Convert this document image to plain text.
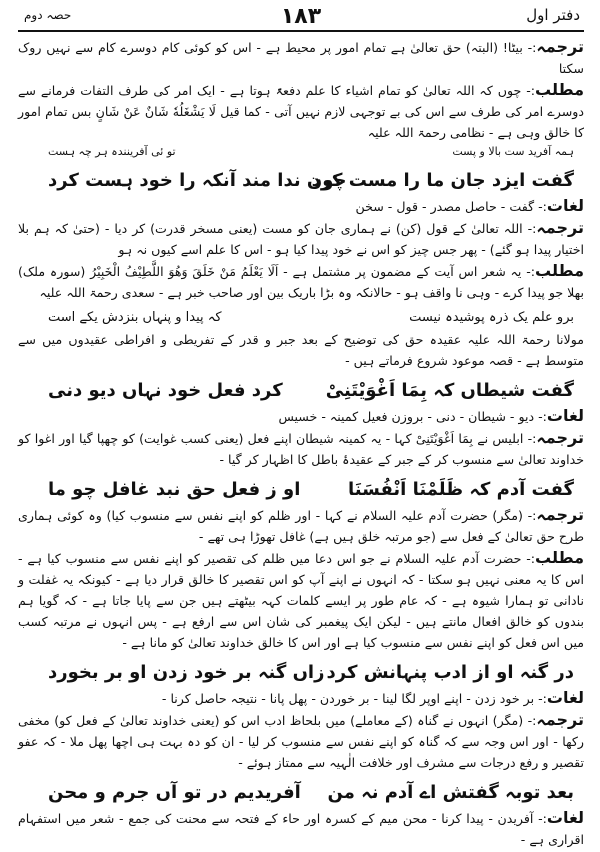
دفتر اول
۱۸۳
حصہ دوم

ترجمہ:- بیٹا! (البتہ) حق تعالیٰ ہے تمام امور پر محیط ہے - اس کو کوئی کام دوسرے کام سے نہیں روک سکتا

مطلب:- چوں کہ اللہ تعالیٰ کو تمام اشیاء کا علم دفعۃً ہوتا ہے - ایک امر کی طرف التفات فرمانے سے دوسرے امر کی طرف سے اس کی بے توجہی لازم نہیں آتی - کما قیل لَا یَشْغَلُهٗ شَانٌ عَنْ شَانٍ بس تمام امور کا خالق وہی ہے - نظامی رحمۃ اللہ علیہ

ہمہ آفرید ست بالا و پست
تو ئی آفرینندہ ہر چہ ہست
گفت ایزد جان ما را مست کرد
چون ندا مند آنکہ را خود ہست کرد

لغات:- گفت - حاصل مصدر - قول - سخن

ترجمہ:- اللہ تعالیٰ کے قول (کن) نے ہماری جان کو مست (یعنی مسخر قدرت) کر دیا - (حتیٰ کہ ہم بلا اختیار پیدا ہو گئے) - پھر جس چیز کو اس نے خود پیدا کیا ہو - اس کا علم اسے کیوں نہ ہو

مطلب:- یہ شعر اس آیت کے مضمون پر مشتمل ہے - اَلَا یَعْلَمُ مَنْ خَلَقَ وَهُوَ اللَّطِیْفُ الْخَبِیْرُ (سورہ ملک) بھلا جو پیدا کرے - وہی نا واقف ہو - حالانکہ وہ بڑا باریک بین اور صاحب خبر ہے - سعدی رحمۃ اللہ علیہ

برو علم یک ذرہ پوشیدہ نیست
کہ پیدا و پنہاں بنزدش یکے است

مولانا رحمۃ اللہ علیہ عقیدہ حق کی توضیح کے بعد جبر و قدر کے تفریطی و افراطی عقیدوں میں سے متوسط ہے - قصہ موعود شروع فرماتے ہیں -

گفت شیطاں کہ بِمَا اَغْوَیْتَنِیْ
کرد فعل خود نہاں دیو دنی

لغات:- دیو - شیطان - دنی - بروزن فعیل کمینہ - خسیس

ترجمہ:- ابلیس نے بِمَا اَغْوَیْتَنِیْ کہا - یہ کمینہ شیطان اپنے فعل (یعنی کسب غوایت) کو چھپا گیا اور اغوا کو خداوند تعالیٰ سے منسوب کر کے جبر کے عقیدۂ باطل کا اظہار کر گیا -

گفت آدم کہ ظَلَمْنَا اَنْفُسَنَا
او ز فعل حق نبد غافل چو ما

ترجمہ:- (مگر) حضرت آدم علیہ السلام نے کہا - اور ظلم کو اپنے نفس سے منسوب کیا) وہ کوئی ہماری طرح حق تعالیٰ کے فعل سے (جو مرتبہ خلق ہیں ہے) غافل تھوڑا ہی تھے -

مطلب:- حضرت آدم علیہ السلام نے جو اس دعا میں ظلم کی تقصیر کو اپنے نفس سے منسوب کیا ہے - اس کا یہ معنی نہیں ہو سکتا - کہ انہوں نے اپنے آپ کو اس تقصیر کا خالق قرار دیا ہے - کیونکہ یہ غفلت و نادانی تو ہمارا شیوہ ہے - کہ عام طور پر ایسے کلمات کہہ بیٹھتے ہیں جن سے پایا جاتا ہے - کہ گویا ہم بندوں کو خالق افعال مانتے ہیں - لیکن ایک پیغمبر کی شان اس سے ارفع ہے - پس انہوں نے مرتبہ کسب میں اس فعل کو اپنے نفس سے منسوب کیا ہے اور اس کا خالق خداوند تعالیٰ کو مانا ہے -

در گنہ او از ادب پنہانش کرد
زاں گنہ بر خود زدن او بر بخورد

لغات:- بر خود زدن - اپنے اوپر لگا لینا - بر خوردن - پھل پانا - نتیجہ حاصل کرنا -

ترجمہ:- (مگر) انہوں نے گناہ (کے معاملے) میں بلحاظ ادب اس کو (یعنی خداوند تعالیٰ کے فعل کو) مخفی رکھا - اور اس وجہ سے کہ گناہ کو اپنے نفس سے منسوب کر لیا - ان کو دہ بہت ہی اچھا پھل ملا - کہ عفو تقصیر و رفع درجات سے مشرف اور خلافت الٰہیہ سے ممتاز ہوئے -

بعد توبہ گفتش اے آدم نہ من
آفریدیم در تو آں جرم و محن

لغات:- آفریدن - پیدا کرنا - محن میم کے کسرہ اور حاء کے فتحہ سے محنت کی جمع - شعر میں استفہام اقراری ہے -
